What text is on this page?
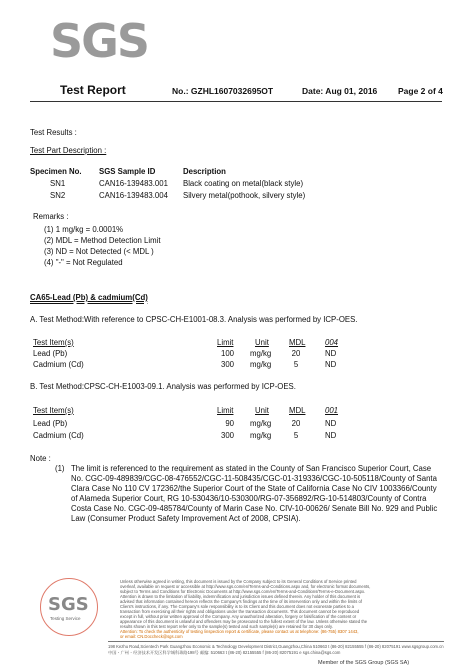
SGS
Test Report	No.: GZHL1607032695OT	Date: Aug 01, 2016 Page 2 of 4
Test Results :
Test Part Description :
Specimen No. SGS Sample ID	Description
SN1	CAN16-139483.001 Black coating on metal(black style)
SN2	CAN16-139483.004 Silvery metal(pothook, silvery style)
Remarks :
(1) 1 mg/kg = 0.0001%
(2) MDL = Method Detection Limit
(3) ND = Not Detected (< MDL )
(4) "-" = Not Regulated
CA65-Lead (Pb) & cadmium(Cd)
A. Test Method:With reference to CPSC-CH-E1001-08.3. Analysis was performed by ICP-OES.
Test Item(s)	Limit	Unit	MDL	004
Lead (Pb)	100 mg/kg	20	ND
Cadmium (Cd)	300 mg/kg	5	ND
B. Test Method:CPSC-CH-E1003-09.1. Analysis was performed by ICP-OES.
Test Item(s)	Limit	Unit	MDL	001
Lead (Pb)	90 mg/kg	20	ND
Cadmium (Cd)	300 mg/kg	5	ND
Note :
(1) The limit is referenced to the requirement as stated in the County of San Francisco Superior Court, Case No. CGC-09-489839/CGC-08-476552/CGC-11-508435/CGC-01-319336/CGC-10-505118/County of Santa Clara Case No 110 CV 172362/the Superior Court of the State of California Case No CIV 1003366/County of Alameda Superior Court, RG 10-530436/10-530300/RG-07-356892/RG-10-514803/County of Contra Costa Case No. CGC-09-485784/County of Marin Case No. CIV-10-00626/ Senate Bill No. 929 and Public Law (Consumer Product Safety Improvement Act of 2008, CPSIA).
SGS
Testing Service
Unless otherwise agreed in writing, this document is issued by the Company subject to its General Conditions of Service printed
overleaf, available on request or accessible at http://www.sgs.com/en/Terms-and-Conditions.aspx and, for electronic format documents,
subject to Terms and Conditions for Electronic Documents at http://www.sgs.com/en/Terms-and-Conditions/Terms-e-Document.aspx.
Attention is drawn to the limitation of liability, indemnification and jurisdiction issues defined therein. Any holder of this document is
advised that information contained hereon reflects the Company's findings at the time of its intervention only and within the limits of
Client's instructions, if any. The Company's sole responsibility is to its Client and this document does not exonerate parties to a
transaction from exercising all their rights and obligations under the transaction documents. This document cannot be reproduced
except in full, without prior written approval of the Company. Any unauthorized alteration, forgery or falsification of the content or
appearance of this document is unlawful and offenders may be prosecuted to the fullest extent of the law. Unless otherwise stated the
results shown in this test report refer only to the sample(s) tested and such sample(s) are retained for 30 days only.
Attention: To check the authenticity of testing /inspection report & certificate, please contact us at telephone: (86-755) 8307 1443,
or email: CN.Doccheck@sgs.com
198 Kezhu Road,Scientech Park Guangzhou Economic & Technology Development District,Guangzhou,China 510663 t (86-20) 82155555 f (86-20) 82075191 www.sgsgroup.com.cn
中国・广州・经济技术开发区科学城科珠路198号 邮编: 510663 t (86-20) 82155555 f (86-20) 82075191 e sgs.china@sgs.com
Member of the SGS Group (SGS SA)
